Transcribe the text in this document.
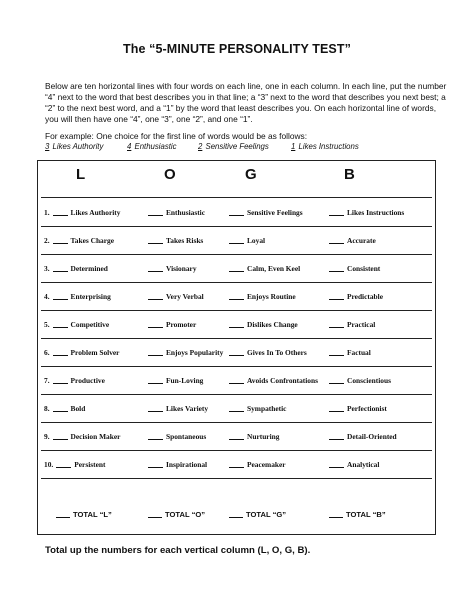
The “5-MINUTE PERSONALITY TEST”
Below are ten horizontal lines with four words on each line, one in each column. In each line, put the number “4” next to the word that best describes you in that line; a “3” next to the word that describes you next best; a “2” to the next best word, and a “1” by the word that least describes you. On each horizontal line of words, you will then have one “4”, one “3”, one “2”, and one “1”.
For example: One choice for the first line of words would be as follows:
3 Likes Authority	4 Enthusiastic	2 Sensitive Feelings	1 Likes Instructions
L	O	G	B
1.	Likes Authority	Enthusiastic	Sensitive Feelings	Likes Instructions
2.	Takes Charge	Takes Risks	Loyal	Accurate
3.	Determined	Visionary	Calm, Even Keel	Consistent
4.	Enterprising	Very Verbal	Enjoys Routine	Predictable
5.	Competitive	Promoter	Dislikes Change	Practical
6.	Problem Solver	Enjoys Popularity	Gives In To Others	Factual
7.	Productive	Fun-Loving	Avoids Confrontations	Conscientious
8.	Bold	Likes Variety	Sympathetic	Perfectionist
9.	Decision Maker	Spontaneous	Nurturing	Detail-Oriented
10.	Persistent	Inspirational	Peacemaker	Analytical
TOTAL “L”	TOTAL “O”	TOTAL “G”	TOTAL “B”
Total up the numbers for each vertical column (L, O, G, B).
